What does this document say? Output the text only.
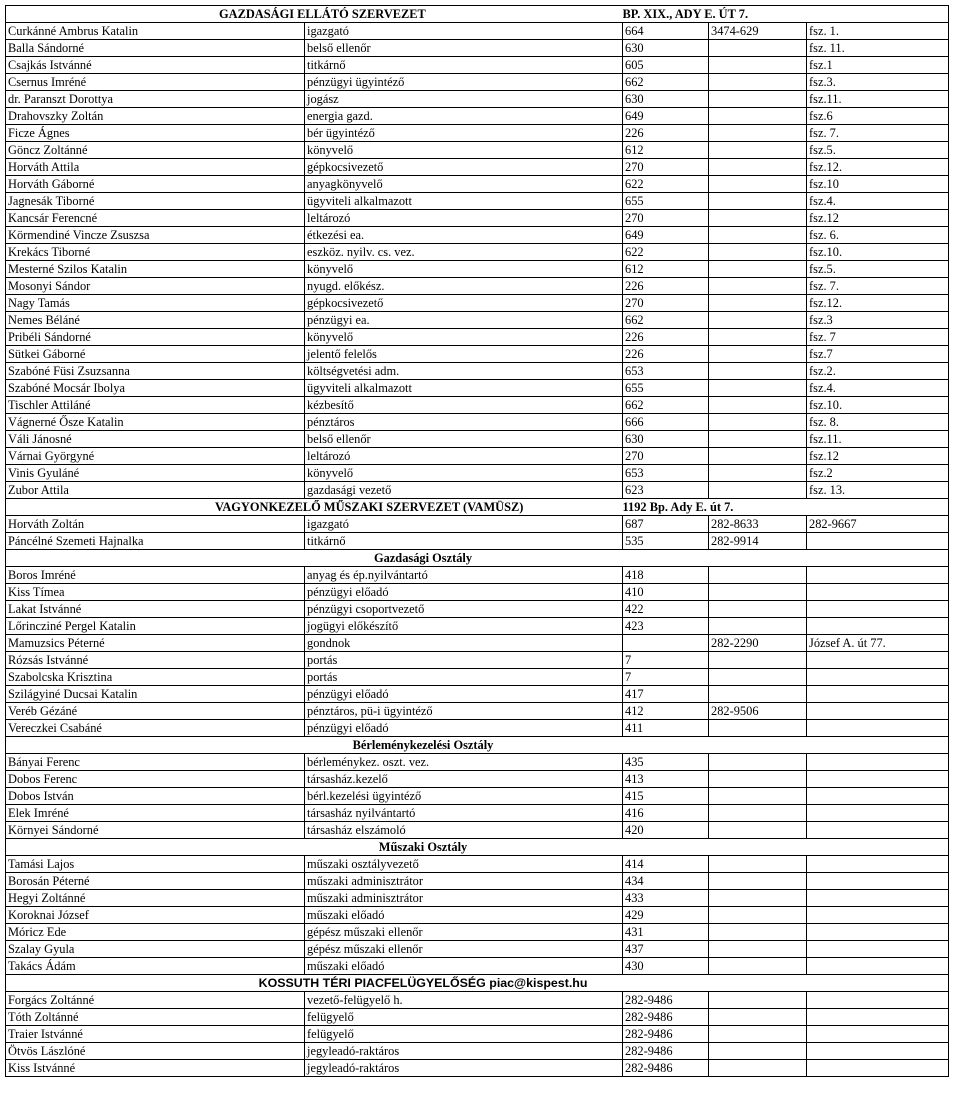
GAZDASÁGI ELLÁTÓ SZERVEZET		BP. XIX., ADY E. ÚT 7.		
Curkánné Ambrus Katalin	igazgató	664	3474-629	fsz. 1.
Balla Sándorné	belső ellenőr	630		fsz. 11.
Csajkás Istvánné	titkárnő	605		fsz.1
Csernus Imréné	pénzügyi ügyintéző	662		fsz.3.
dr. Paranszt Dorottya	jogász	630		fsz.11.
Drahovszky Zoltán	energia gazd.	649		fsz.6
Ficze Ágnes	bér ügyintéző	226		fsz. 7.
Göncz Zoltánné	könyvelő	612		fsz.5.
Horváth Attila	gépkocsivezető	270		fsz.12.
Horváth Gáborné	anyagkönyvelő	622		fsz.10
Jagnesák Tiborné	ügyviteli alkalmazott	655		fsz.4.
Kancsár Ferencné	leltározó	270		fsz.12
Körmendiné Vincze Zsuszsa	étkezési ea.	649		fsz. 6.
Krekács Tiborné	eszköz. nyilv. cs. vez.	622		fsz.10.
Mesterné Szilos Katalin	könyvelő	612		fsz.5.
Mosonyi Sándor	nyugd. előkész.	226		fsz. 7.
Nagy Tamás	gépkocsivezető	270		fsz.12.
Nemes Béláné	pénzügyi ea.	662		fsz.3
Pribéli Sándorné	könyvelő	226		fsz. 7
Sütkei Gáborné	jelentő felelős	226		fsz.7
Szabóné Füsi Zsuzsanna	költségvetési adm.	653		fsz.2.
Szabóné Mocsár Ibolya	ügyviteli alkalmazott	655		fsz.4.
Tischler Attiláné	kézbesítő	662		fsz.10.
Vágnerné Ősze Katalin	pénztáros	666		fsz. 8.
Váli Jánosné	belső ellenőr	630		fsz.11.
Várnai Györgyné	leltározó	270		fsz.12
Vinis Gyuláné	könyvelő	653		fsz.2
Zubor Attila	gazdasági vezető	623		fsz. 13.
VAGYONKEZELŐ MŰSZAKI SZERVEZET (VAMÜSZ)		1192 Bp. Ady E. út 7.		
Horváth Zoltán	igazgató	687	282-8633	282-9667
Páncélné Szemeti Hajnalka	titkárnő	535	282-9914	
Gazdasági Osztály				
Boros Imréné	anyag és ép.nyilvántartó	418		
Kiss Tímea	pénzügyi előadó	410		
Lakat Istvánné	pénzügyi csoportvezető	422		
Lőrincziné Pergel Katalin	jogügyi előkészítő	423		
Mamuzsics Péterné	gondnok		282-2290	József A. út 77.
Rózsás Istvánné	portás	7		
Szabolcska Krisztina	portás	7		
Szilágyiné Ducsai Katalin	pénzügyi előadó	417		
Veréb Gézáné	pénztáros, pü-i ügyintéző	412	282-9506	
Vereczkei Csabáné	pénzügyi előadó	411		
Bérleménykezelési Osztály				
Bányai Ferenc	bérleménykez. oszt. vez.	435		
Dobos Ferenc	társasház.kezelő	413		
Dobos István	bérl.kezelési ügyintéző	415		
Elek Imréné	társasház nyilvántartó	416		
Környei Sándorné	társasház elszámoló	420		
Műszaki Osztály				
Tamási Lajos	műszaki osztályvezető	414		
Borosán Péterné	műszaki adminisztrátor	434		
Hegyi Zoltánné	műszaki adminisztrátor	433		
Koroknai József	műszaki előadó	429		
Móricz Ede	gépész műszaki ellenőr	431		
Szalay Gyula	gépész műszaki ellenőr	437		
Takács Ádám	műszaki előadó	430		
KOSSUTH TÉRI PIACFELÜGYELŐSÉG piac@kispest.hu				
Forgács Zoltánné	vezető-felügyelő h.	282-9486		
Tóth Zoltánné	felügyelő	282-9486		
Traier Istvánné	felügyelő	282-9486		
Ötvös Lászlóné	jegyleadó-raktáros	282-9486		
Kiss Istvánné	jegyleadó-raktáros	282-9486		
